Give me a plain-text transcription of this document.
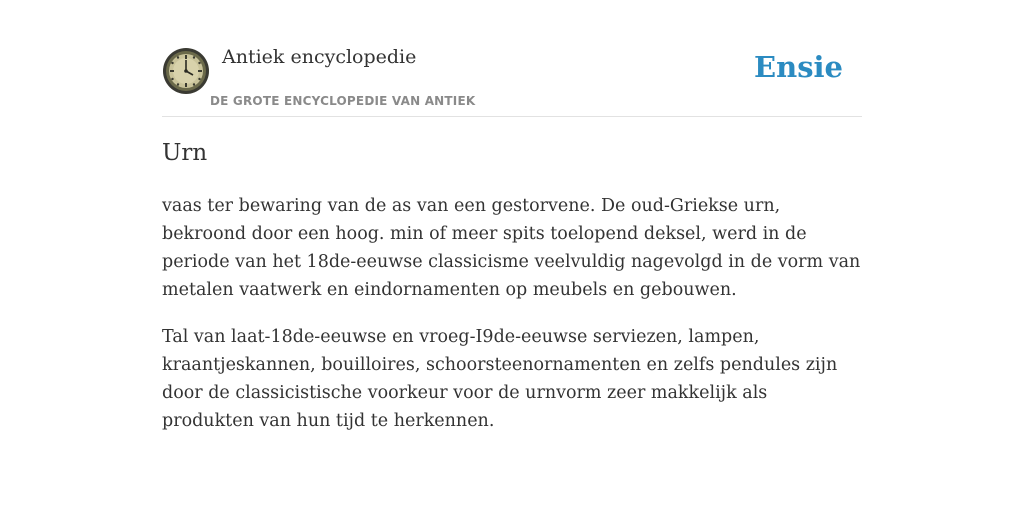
Antiek encyclopedie
DE GROTE ENCYCLOPEDIE VAN ANTIEK
Ensie
Urn

vaas ter bewaring van de as van een gestorvene. De oud-Griekse urn, bekroond door een hoog. min of meer spits toelopend deksel, werd in de periode van het 18de-eeuwse classicisme veelvuldig nagevolgd in de vorm van metalen vaatwerk en eindornamenten op meubels en gebouwen.

Tal van laat-18de-eeuwse en vroeg-I9de-eeuwse serviezen, lampen, kraantjeskannen, bouilloires, schoorsteenornamenten en zelfs pendules zijn door de classicistische voorkeur voor de urnvorm zeer makkelijk als produkten van hun tijd te herkennen.
